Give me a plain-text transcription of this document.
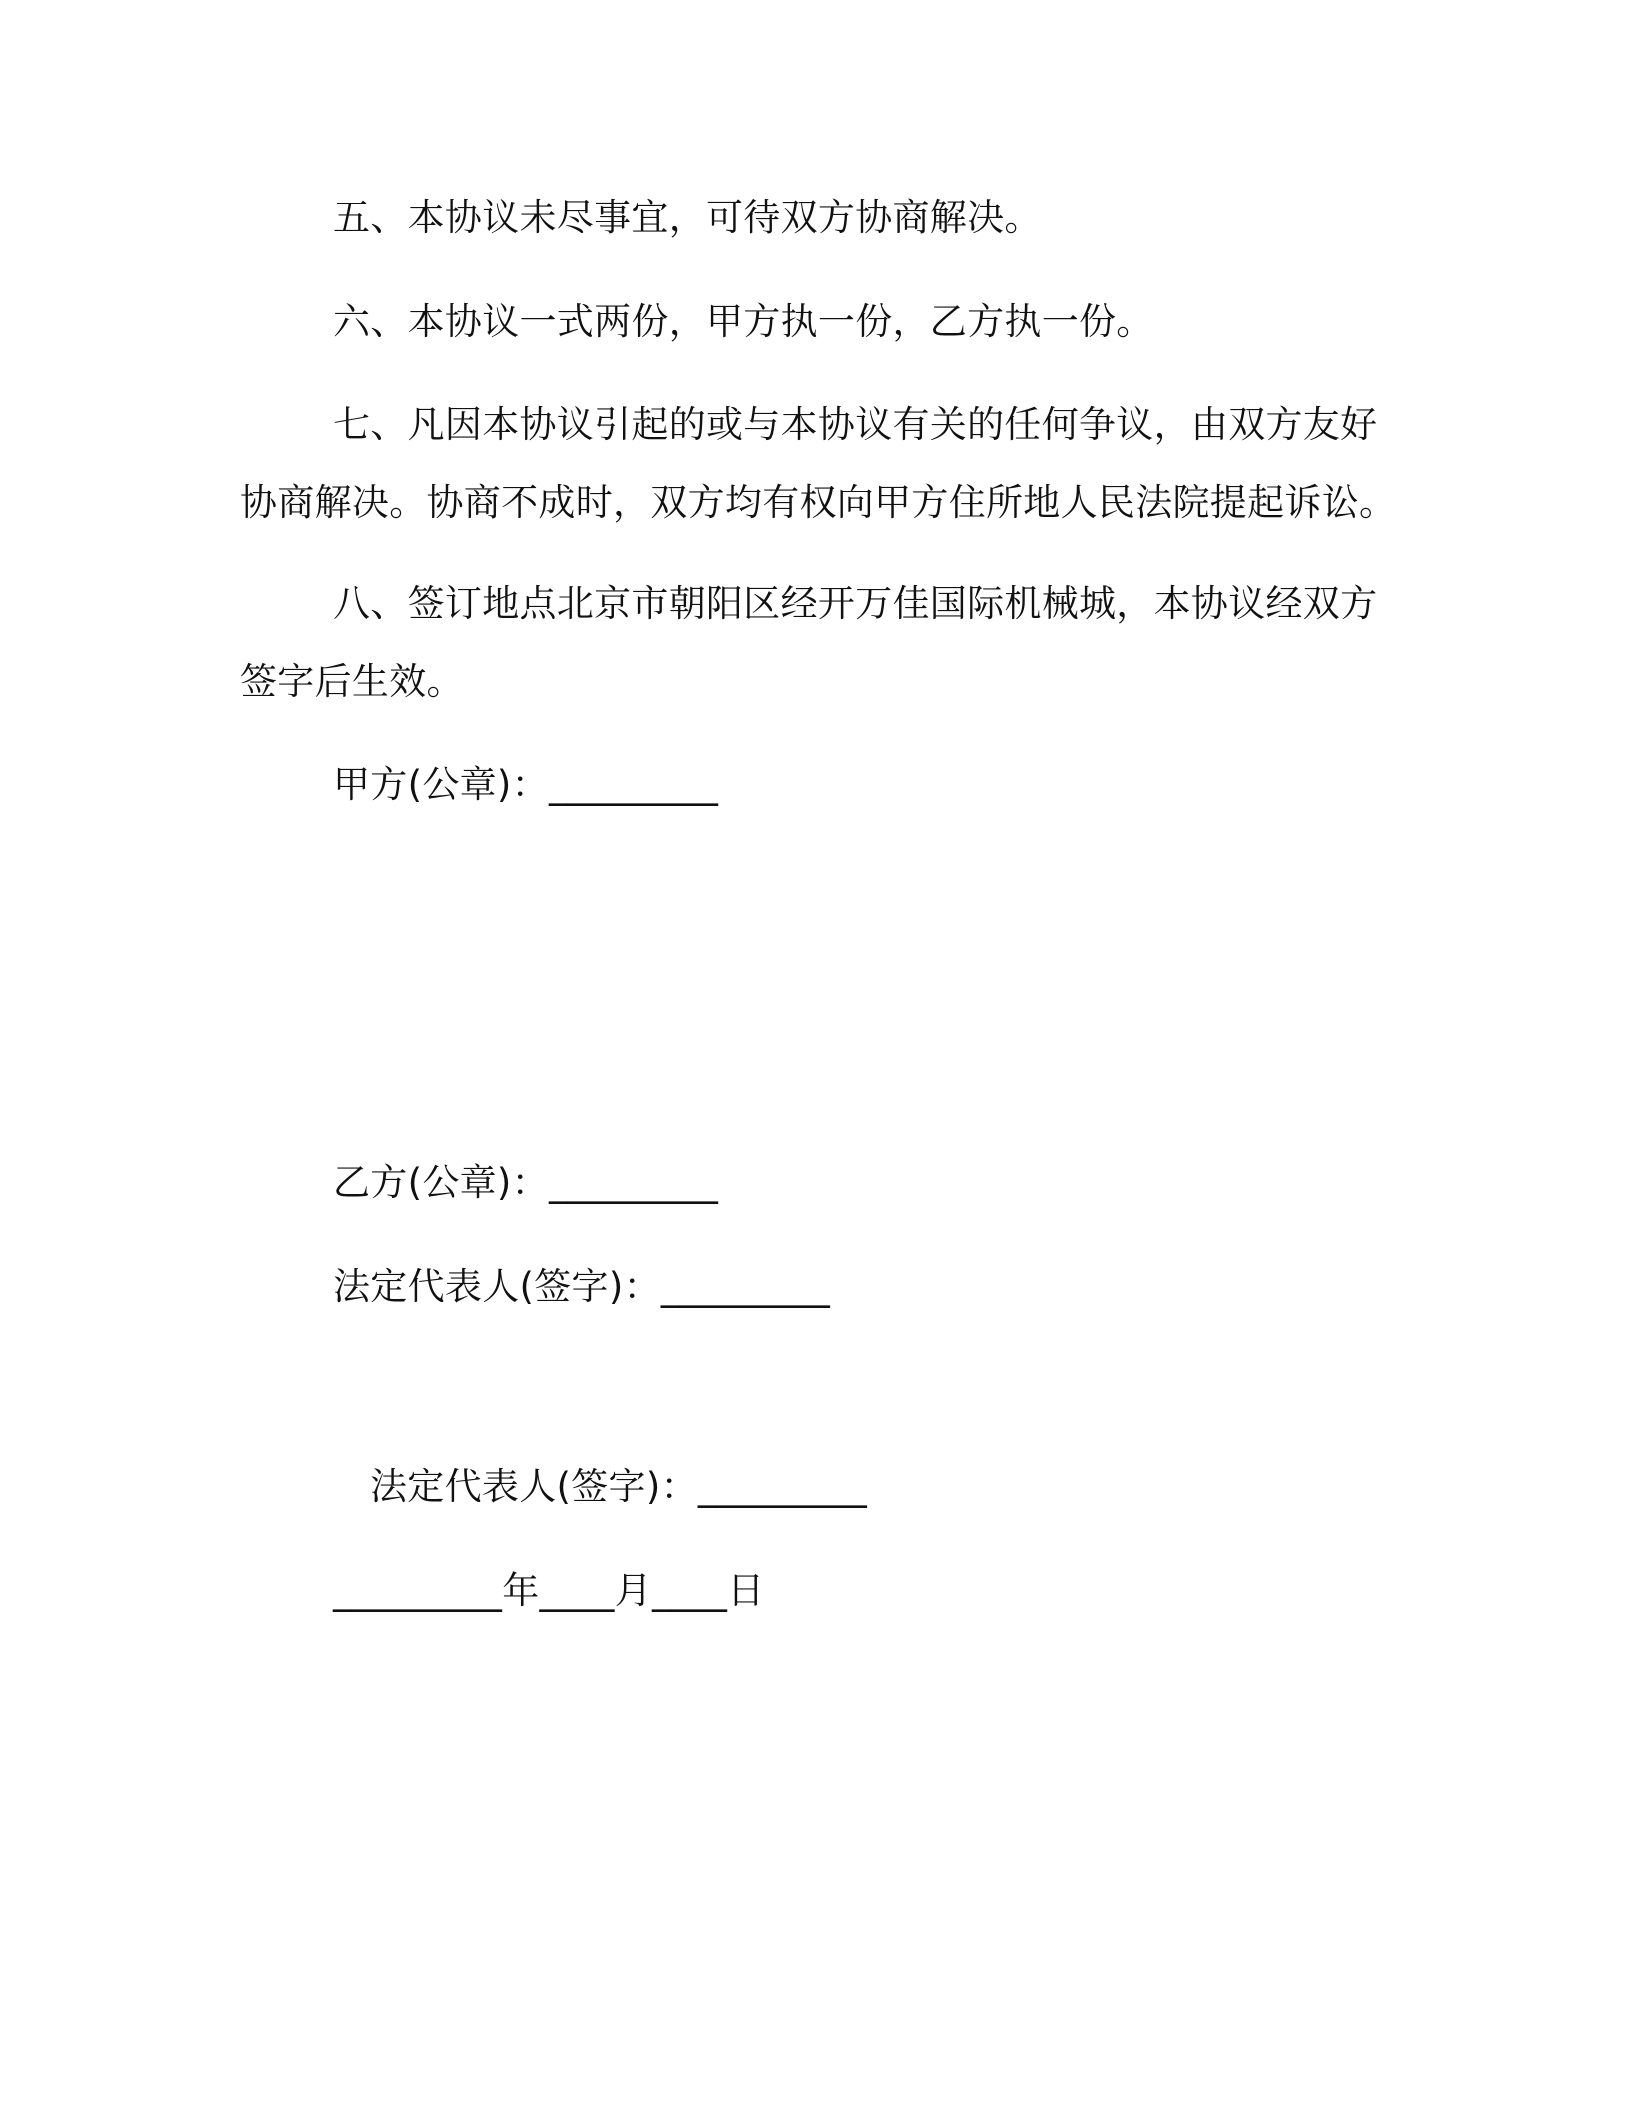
五、本协议未尽事宜，可待双方协商解决。
六、本协议一式两份，甲方执一份，乙方执一份。
七、凡因本协议引起的或与本协议有关的任何争议，由双方友好
协商解决。协商不成时，双方均有权向甲方住所地人民法院提起诉讼。
八、签订地点北京市朝阳区经开万佳国际机械城，本协议经双方
签字后生效。
甲方(公章)：_________
乙方(公章)：_________
法定代表人(签字)：_________
法定代表人(签字)：_________
_________年____月____日
